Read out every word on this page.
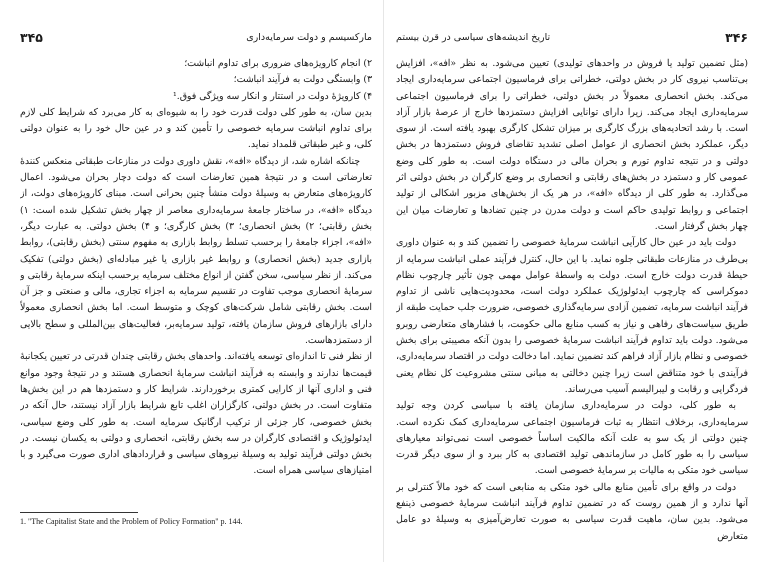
۳۴۵	مارکسیسم و دولت سرمایه‌داری

۲) انجام کارویژه‌های ضروری برای تداوم انباشت؛

۳) وابستگی دولت به فرآیند انباشت؛

۴) کارویژهٔ دولت در استتار و انکار سه ویژگی فوق.¹

بدین سان، به طور کلی دولت قدرت خود را به شیوه‌ای به کار می‌برد که شرایط کلی لازم برای تداوم انباشت سرمایه خصوصی را تأمین کند و در عین حال خود را به عنوان دولتی کلی، و غیر طبقاتی قلمداد نماید.

چنانکه اشاره شد، از دیدگاه «افه»، نقش داوری دولت در منازعات طبقاتی منعکس کنندهٔ تعارضاتی است و در نتیجهٔ همین تعارضات است که دولت دچار بحران می‌شود. اعمال کارویژه‌های متعارض به وسیلهٔ دولت منشأ چنین بحرانی است. مبنای کارویژه‌های دولت، از دیدگاه «افه»، در ساختار جامعهٔ سرمایه‌داری معاصر از چهار بخش تشکیل شده است: ۱) بخش رقابتی؛ ۲) بخش انحصاری؛ ۳) بخش کارگری؛ و ۴) بخش دولتی. به عبارت دیگر، «افه»، اجزاء جامعهٔ را برحسب تسلط روابط بازاری به مفهوم سنتی (بخش رقابتی)، روابط بازاری جدید (بخش انحصاری) و روابط غیر بازاری یا غیر مبادله‌ای (بخش دولتی) تفکیک می‌کند. از نظر سیاسی، سخن گفتن از انواع مختلف سرمایه برحسب اینکه سرمایهٔ رقابتی و سرمایهٔ انحصاری موجب تفاوت در تقسیم سرمایه به اجزاء تجاری، مالی و صنعتی و جز آن است. بخش رقابتی شامل شرکت‌های کوچک و متوسط است. اما بخش انحصاری معمولاً دارای بازارهای فروش سازمان یافته، تولید سرمایه‌بر، فعالیت‌های بین‌المللی و سطح بالایی از دستمزدهاست.

از نظر فنی تا اندازه‌ای توسعه یافته‌اند. واحدهای بخش رقابتی چندان قدرتی در تعیین یکجانبهٔ قیمت‌ها ندارند و وابسته به فرآیند انباشت سرمایهٔ انحصاری هستند و در نتیجهٔ وجود موانع فنی و اداری آنها از کارایی کمتری برخوردارند. شرایط کار و دستمزدها هم در این بخش‌ها متفاوت است. در بخش دولتی، کارگزاران اغلب تابع شرایط بازار آزاد نیستند، حال آنکه در بخش خصوصی، کار جزئی از ترکیب ارگانیک سرمایه است. به طور کلی وضع سیاسی، ایدئولوژیک و اقتصادی کارگران در سه بخش رقابتی، انحصاری و دولتی به یکسان نیست. در بخش دولتی فرآیند تولید به وسیلهٔ نیروهای سیاسی و قراردادهای اداری صورت می‌گیرد و با امتیازهای سیاسی همراه است.

1. "The Capitalist State and the Problem of Policy Formation" p. 144.
۳۴۶
تاریخ اندیشه‌های سیاسی در قرن بیستم

(مثل تضمین تولید یا فروش در واحدهای تولیدی) تعیین می‌شود. به نظر «افه»، افزایش بی‌تناسب نیروی کار در بخش دولتی، خطراتی برای فرماسیون اجتماعی سرمایه‌داری ایجاد می‌کند. بخش انحصاری معمولاً در بخش دولتی، خطراتی را برای فرماسیون اجتماعی سرمایه‌داری ایجاد می‌کند. زیرا دارای توانایی افزایش دستمزدها خارج از عرصهٔ بازار آزاد است. با رشد اتحادیه‌های بزرگ کارگری بر میزان تشکل کارگری بهبود یافته است. از سوی دیگر، عملکرد بخش انحصاری از عوامل اصلی تشدید تقاضای فروش دستمزدها در بخش دولتی و در نتیجه تداوم تورم و بحران مالی در دستگاه دولت است. به طور کلی وضع عمومی کار و دستمزد در بخش‌های رقابتی و انحصاری بر وضع کارگران در بخش دولتی اثر می‌گذارد. به طور کلی از دیدگاه «افه»، در هر یک از بخش‌های مزبور اشکالی از تولید اجتماعی و روابط تولیدی حاکم است و دولت مدرن در چنین تضادها و تعارضات میان این چهار بخش گرفتار است.

دولت باید در عین حال کارآیی انباشت سرمایهٔ خصوصی را تضمین کند و به عنوان داوری بی‌طرف در منازعات طبقاتی جلوه نماید. با این حال، کنترل فرآیند عملی انباشت سرمایه از حیطهٔ قدرت دولت خارج است. دولت به واسطهٔ عوامل مهمی چون تأثیر چارچوب نظام دموکراسی که چارچوب ایدئولوژیک عملکرد دولت است، محدودیت‌هایی ناشی از تداوم فرآیند انباشت سرمایه، تضمین آزادی سرمایه‌گذاری خصوصی، ضرورت جلب حمایت طبقه از طریق سیاست‌های رفاهی و نیاز به کسب منابع مالی حکومت، با فشارهای متعارضی روبرو می‌شود. دولت باید تداوم فرآیند انباشت سرمایهٔ خصوصی را بدون آنکه مصیبتی برای بخش خصوصی و نظام بازار آزاد فراهم کند تضمین نماید. اما دخالت دولت در اقتصاد سرمایه‌داری، فرآیندی با خود متناقض است زیرا چنین دخالتی به مبانی سنتی مشروعیت کل نظام یعنی فردگرایی و رقابت و لیبرالیسم آسیب می‌رساند.

به طور کلی، دولت در سرمایه‌داری سازمان یافته با سیاسی کردن وجه تولید سرمایه‌داری، برخلاف انتظار به ثبات فرماسیون اجتماعی سرمایه‌داری کمک نکرده است. چنین دولتی از یک سو به علت آنکه مالکیت اساساً خصوصی است نمی‌تواند معیارهای سیاسی را به طور کامل در سازماندهی تولید اقتصادی به کار ببرد و از سوی دیگر قدرت سیاسی خود متکی به مالیات بر سرمایهٔ خصوصی است.

دولت در واقع برای تأمین منابع مالی خود متکی به منابعی است که خود مالاً کنترلی بر آنها ندارد و از همین روست که در تضمین تداوم فرآیند انباشت سرمایهٔ خصوصی ذینفع می‌شود. بدین سان، ماهیت قدرت سیاسی به صورت تعارض‌آمیزی به وسیلهٔ دو عامل متعارض
